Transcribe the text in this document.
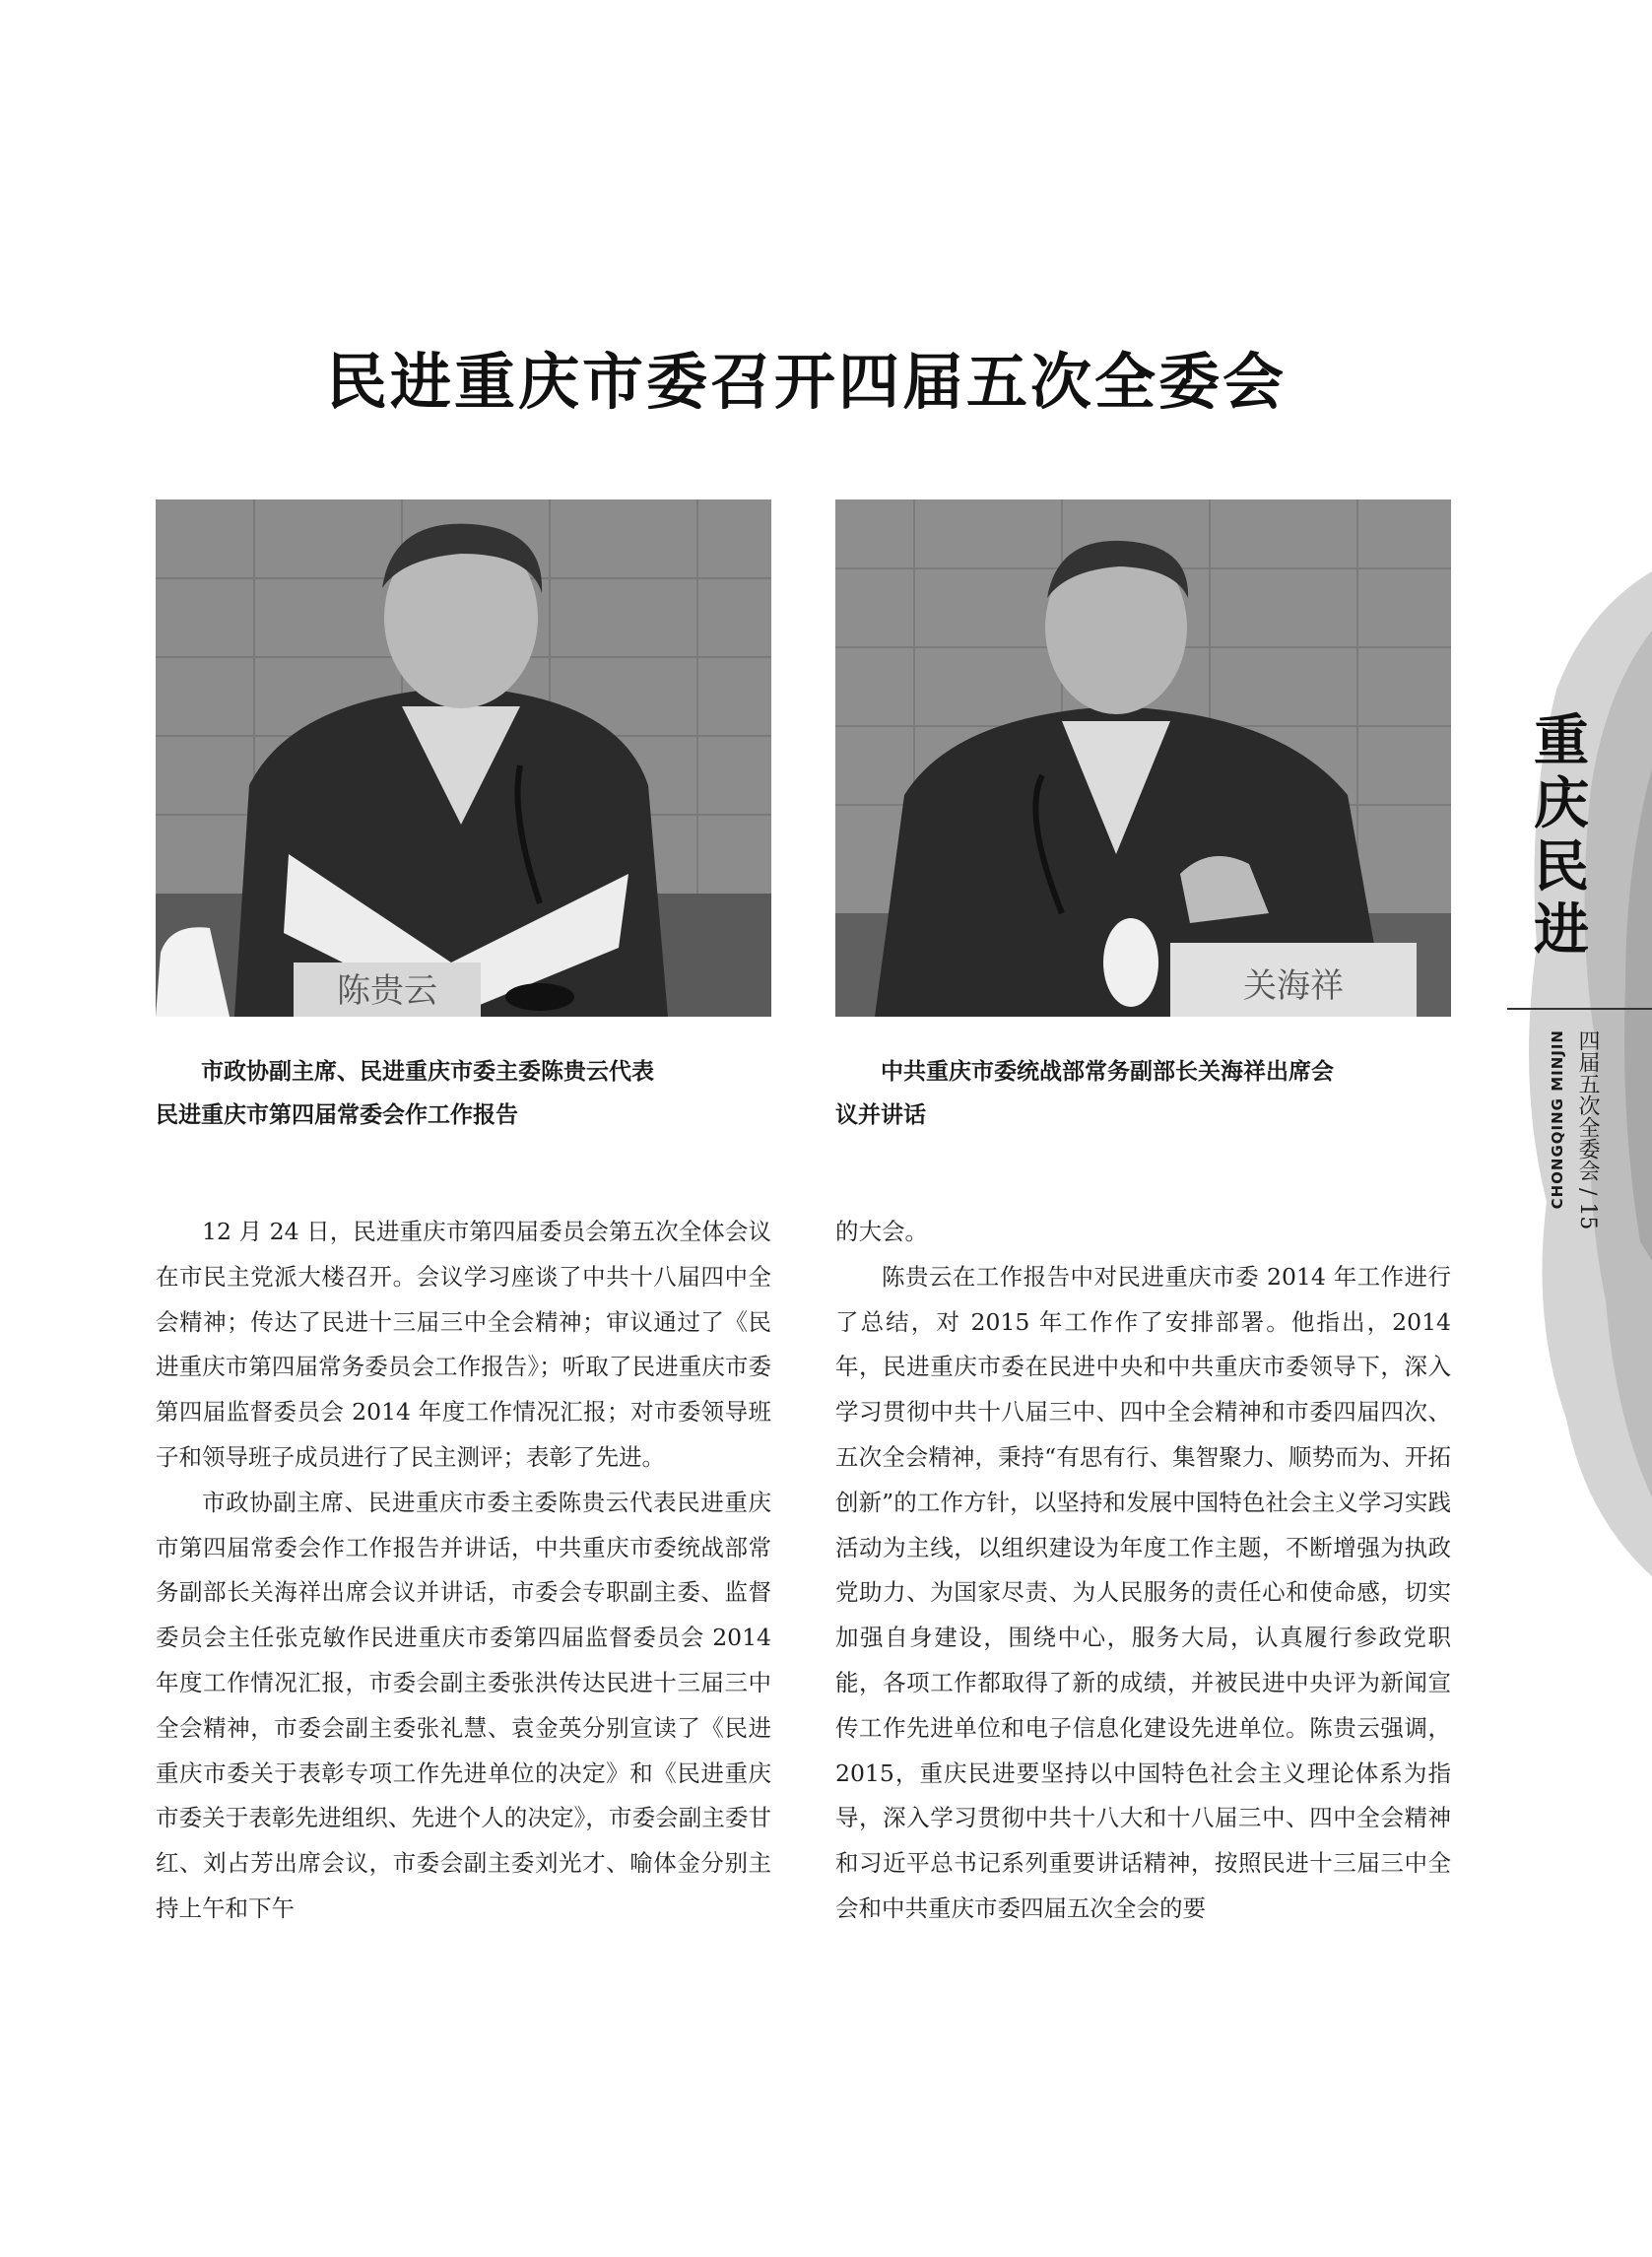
民进重庆市委召开四届五次全委会
陈贵云	关海祥

市政协副主席、民进重庆市委主委陈贵云代表

民进重庆市第四届常委会作工作报告

中共重庆市委统战部常务副部长关海祥出席会

议并讲话

12 月 24 日，民进重庆市第四届委员会第五次全体会议在市民主党派大楼召开。会议学习座谈了中共十八届四中全会精神；传达了民进十三届三中全会精神；审议通过了《民进重庆市第四届常务委员会工作报告》；听取了民进重庆市委第四届监督委员会 2014 年度工作情况汇报；对市委领导班子和领导班子成员进行了民主测评；表彰了先进。

市政协副主席、民进重庆市委主委陈贵云代表民进重庆市第四届常委会作工作报告并讲话，中共重庆市委统战部常务副部长关海祥出席会议并讲话，市委会专职副主委、监督委员会主任张克敏作民进重庆市委第四届监督委员会 2014 年度工作情况汇报，市委会副主委张洪传达民进十三届三中全会精神，市委会副主委张礼慧、袁金英分别宣读了《民进重庆市委关于表彰专项工作先进单位的决定》和《民进重庆市委关于表彰先进组织、先进个人的决定》，市委会副主委甘红、刘占芳出席会议，市委会副主委刘光才、喻体金分别主持上午和下午

的大会。

陈贵云在工作报告中对民进重庆市委 2014 年工作进行了总结，对 2015 年工作作了安排部署。他指出，2014 年，民进重庆市委在民进中央和中共重庆市委领导下，深入学习贯彻中共十八届三中、四中全会精神和市委四届四次、五次全会精神，秉持“有思有行、集智聚力、顺势而为、开拓创新”的工作方针，以坚持和发展中国特色社会主义学习实践活动为主线，以组织建设为年度工作主题，不断增强为执政党助力、为国家尽责、为人民服务的责任心和使命感，切实加强自身建设，围绕中心，服务大局，认真履行参政党职能，各项工作都取得了新的成绩，并被民进中央评为新闻宣传工作先进单位和电子信息化建设先进单位。陈贵云强调，2015，重庆民进要坚持以中国特色社会主义理论体系为指导，深入学习贯彻中共十八大和十八届三中、四中全会精神和习近平总书记系列重要讲话精神，按照民进十三届三中全会和中共重庆市委四届五次全会的要

重
庆
民
进
四届五次全委会 / 15
CHONGQING MINJIN
